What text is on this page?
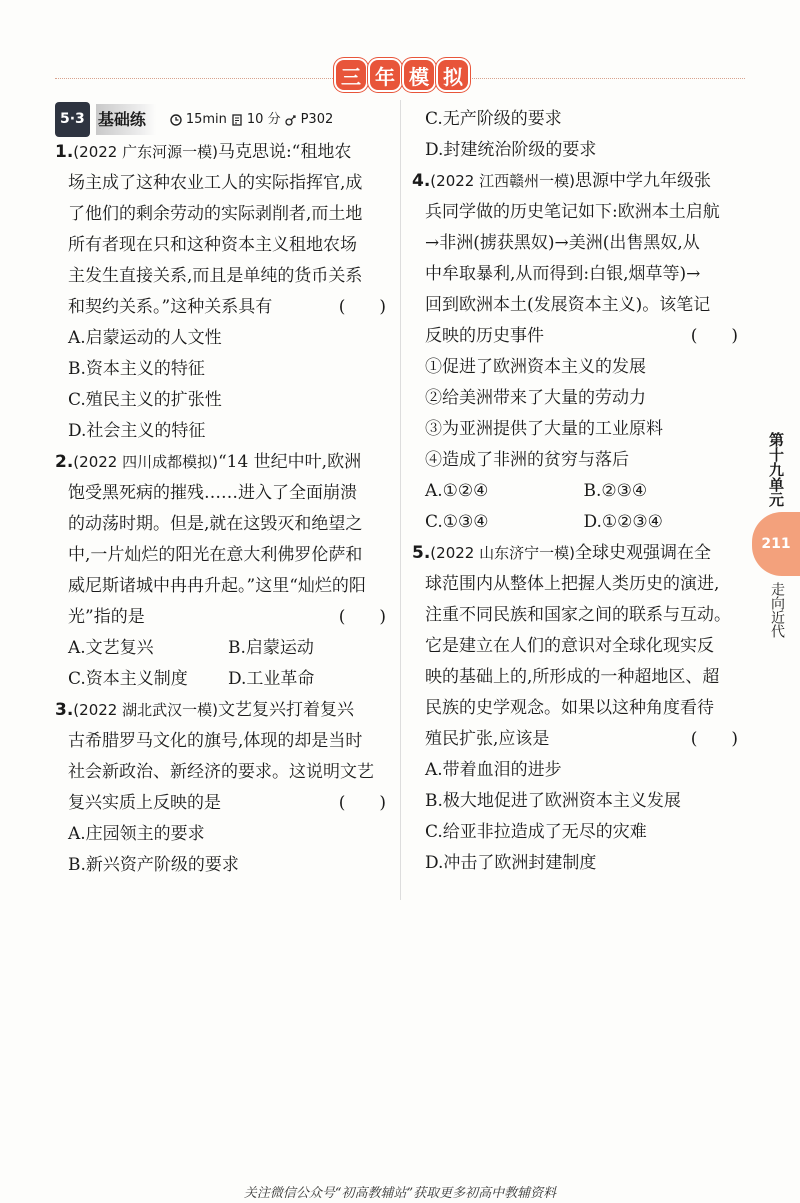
三 年 模 拟
5·3 基础练	15min 10 分 P302
1.(2022 广东河源一模)马克思说:“租地农
场主成了这种农业工人的实际指挥官,成
了他们的剩余劳动的实际剥削者,而土地
所有者现在只和这种资本主义租地农场
主发生直接关系,而且是单纯的货币关系
和契约关系。”这种关系具有	(　　)
A.启蒙运动的人文性
B.资本主义的特征
C.殖民主义的扩张性
D.社会主义的特征
2.(2022 四川成都模拟)“14 世纪中叶,欧洲
饱受黑死病的摧残……进入了全面崩溃
的动荡时期。但是,就在这毁灭和绝望之
中,一片灿烂的阳光在意大利佛罗伦萨和
威尼斯诸城中冉冉升起。”这里“灿烂的阳
光”指的是	(　　)
A.文艺复兴	B.启蒙运动
C.资本主义制度	D.工业革命
3.(2022 湖北武汉一模)文艺复兴打着复兴
古希腊罗马文化的旗号,体现的却是当时
社会新政治、新经济的要求。这说明文艺
复兴实质上反映的是	(　　)
A.庄园领主的要求
B.新兴资产阶级的要求
C.无产阶级的要求
D.封建统治阶级的要求
4.(2022 江西赣州一模)思源中学九年级张
兵同学做的历史笔记如下:欧洲本土启航
→非洲(掳获黑奴)→美洲(出售黑奴,从
中牟取暴利,从而得到:白银,烟草等)→
回到欧洲本土(发展资本主义)。该笔记
反映的历史事件	(　　)
①促进了欧洲资本主义的发展
②给美洲带来了大量的劳动力
③为亚洲提供了大量的工业原料
④造成了非洲的贫穷与落后
A.①②④	B.②③④
C.①③④	D.①②③④
5.(2022 山东济宁一模)全球史观强调在全
球范围内从整体上把握人类历史的演进,
注重不同民族和国家之间的联系与互动。
它是建立在人们的意识对全球化现实反
映的基础上的,所形成的一种超地区、超
民族的史学观念。如果以这种角度看待
殖民扩张,应该是	(　　)
A.带着血泪的进步
B.极大地促进了欧洲资本主义发展
C.给亚非拉造成了无尽的灾难
D.冲击了欧洲封建制度
第十九单元
211
走向近代
关注微信公众号“初高教辅站”获取更多初高中教辅资料
